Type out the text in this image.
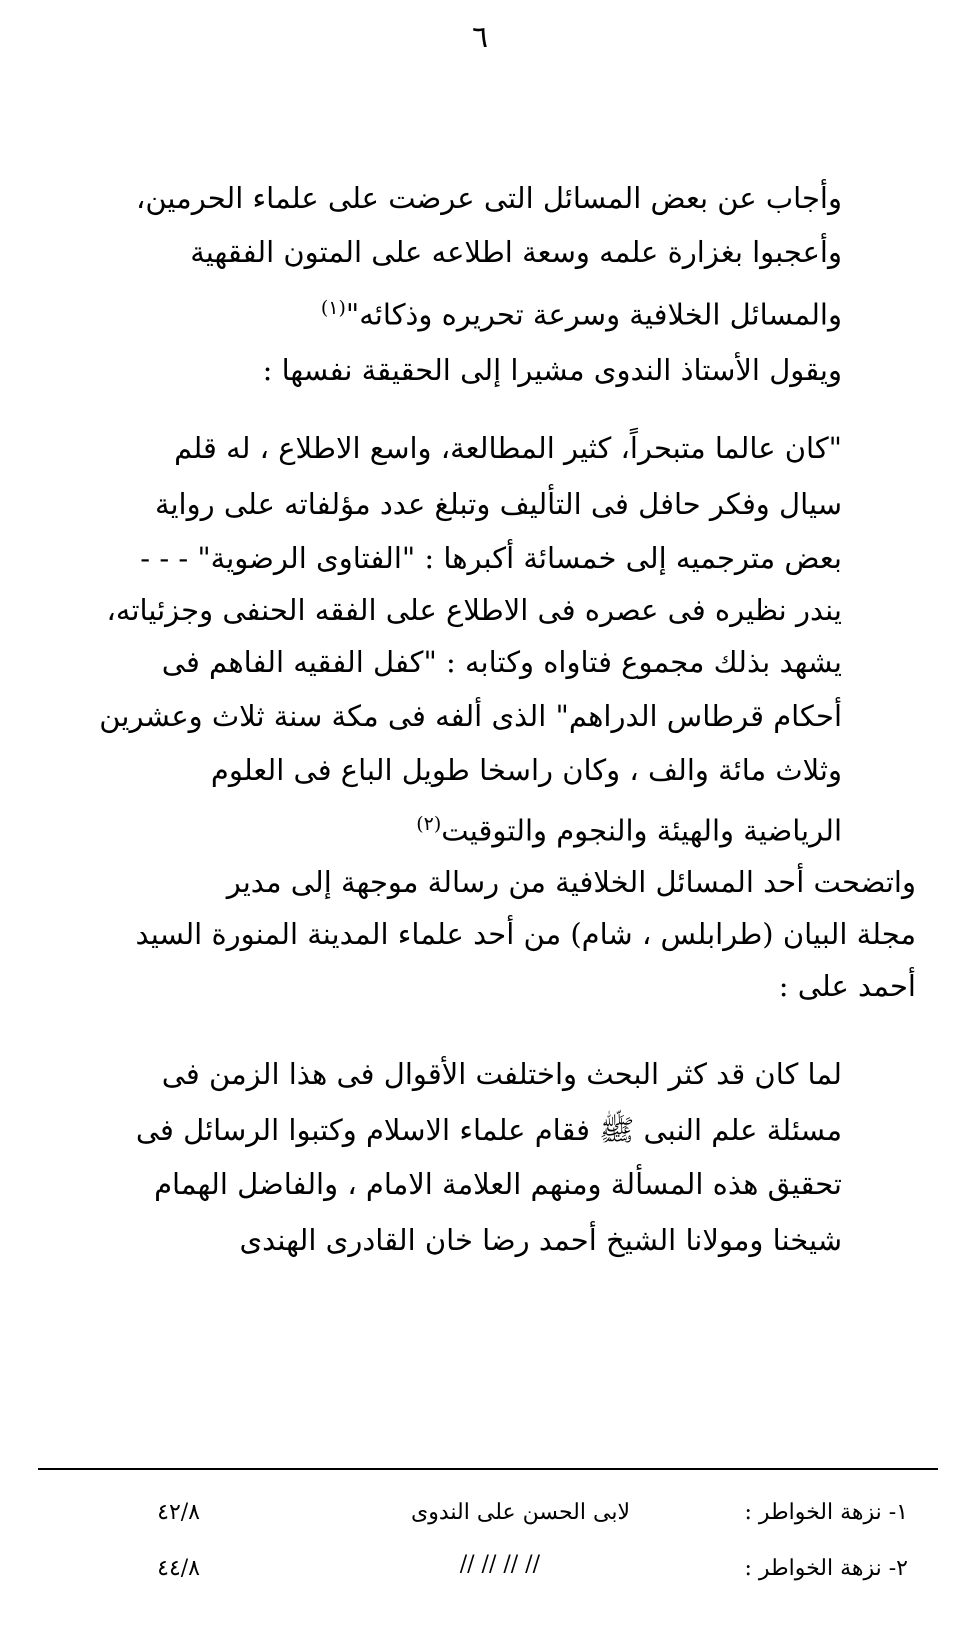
٦
وأجاب عن بعض المسائل التى عرضت على علماء الحرمين،
وأعجبوا بغزارة علمه وسعة اطلاعه على المتون الفقهية
والمسائل الخلافية وسرعة تحريره وذكائه"$^{(١)}$
ويقول الأستاذ الندوى مشيرا إلى الحقيقة نفسها :
"كان عالما متبحراً، كثير المطالعة، واسع الاطلاع ، له قلم
سيال وفكر حافل فى التأليف وتبلغ عدد مؤلفاته على رواية
بعض مترجميه إلى خمسائة أكبرها : "الفتاوى الرضوية" - - -
يندر نظيره فى عصره فى الاطلاع على الفقه الحنفى وجزئياته،
يشهد بذلك مجموع فتاواه وكتابه : "كفل الفقيه الفاهم فى
أحكام قرطاس الدراهم" الذى ألفه فى مكة سنة ثلاث وعشرين
وثلاث مائة والف ، وكان راسخا طويل الباع فى العلوم
الرياضية والهيئة والنجوم والتوقيت$^{(٢)}$
واتضحت أحد المسائل الخلافية من رسالة موجهة إلى مدير
مجلة البيان (طرابلس ، شام) من أحد علماء المدينة المنورة السيد
أحمد على :
لما كان قد كثر البحث واختلفت الأقوال فى هذا الزمن فى
مسئلة علم النبى ﷺ فقام علماء الاسلام وكتبوا الرسائل فى
تحقيق هذه المسألة ومنهم العلامة الامام ، والفاضل الهمام
شيخنا ومولانا الشيخ أحمد رضا خان القادرى الهندى
١- نزهة الخواطر :
لابى الحسن على الندوى
٤٢/٨
٢- نزهة الخواطر :
// // // //
٤٤/٨
